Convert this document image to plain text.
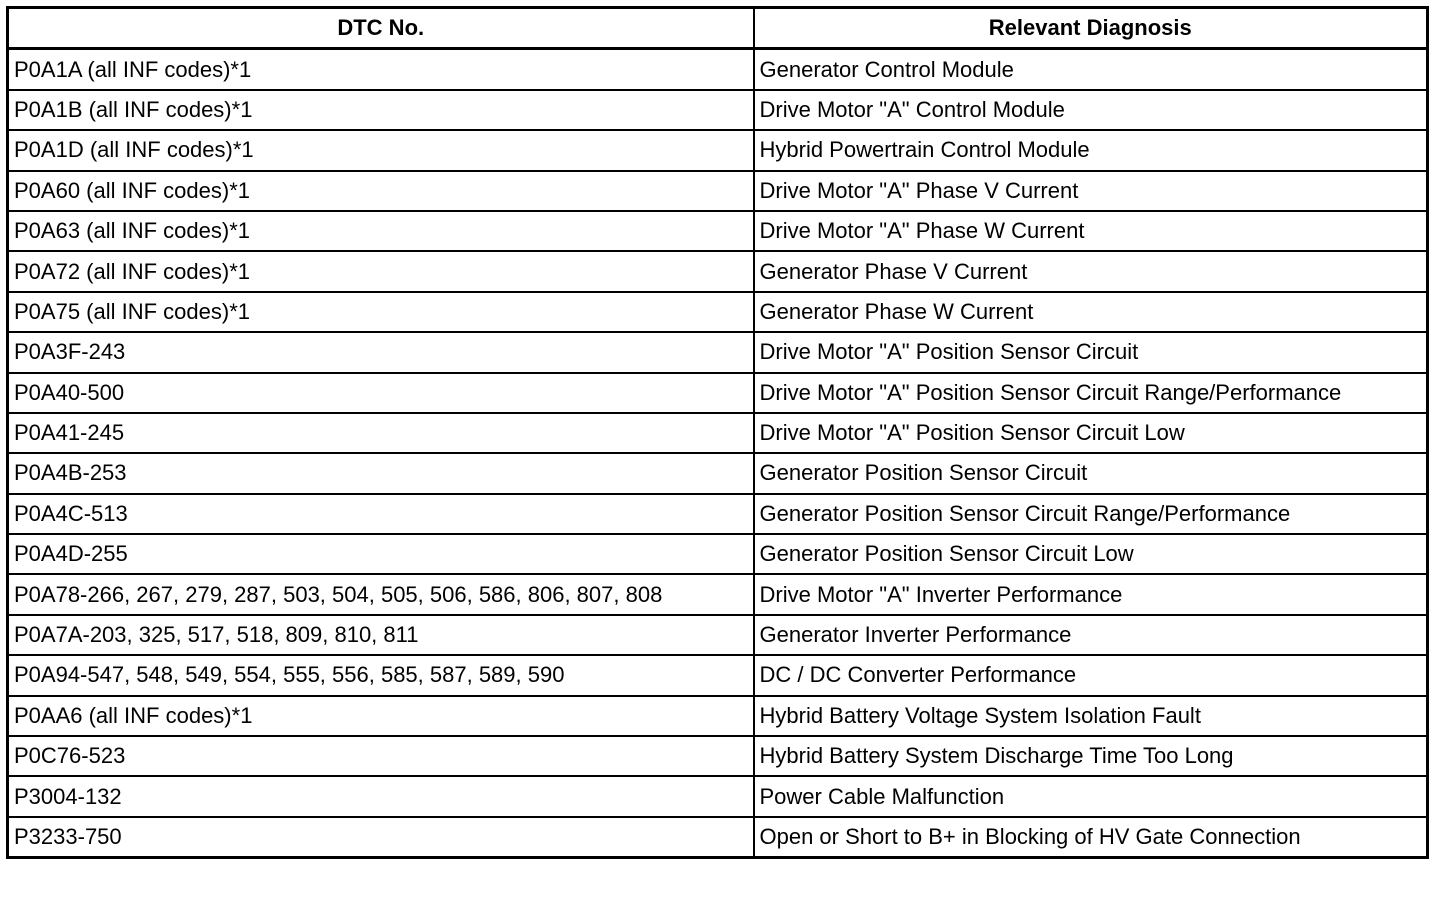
DTC No.	Relevant Diagnosis
P0A1A (all INF codes)*1	Generator Control Module
P0A1B (all INF codes)*1	Drive Motor "A" Control Module
P0A1D (all INF codes)*1	Hybrid Powertrain Control Module
P0A60 (all INF codes)*1	Drive Motor "A" Phase V Current
P0A63 (all INF codes)*1	Drive Motor "A" Phase W Current
P0A72 (all INF codes)*1	Generator Phase V Current
P0A75 (all INF codes)*1	Generator Phase W Current
P0A3F-243	Drive Motor "A" Position Sensor Circuit
P0A40-500	Drive Motor "A" Position Sensor Circuit Range/Performance
P0A41-245	Drive Motor "A" Position Sensor Circuit Low
P0A4B-253	Generator Position Sensor Circuit
P0A4C-513	Generator Position Sensor Circuit Range/Performance
P0A4D-255	Generator Position Sensor Circuit Low
P0A78-266, 267, 279, 287, 503, 504, 505, 506, 586, 806, 807, 808	Drive Motor "A" Inverter Performance
P0A7A-203, 325, 517, 518, 809, 810, 811	Generator Inverter Performance
P0A94-547, 548, 549, 554, 555, 556, 585, 587, 589, 590	DC / DC Converter Performance
P0AA6 (all INF codes)*1	Hybrid Battery Voltage System Isolation Fault
P0C76-523	Hybrid Battery System Discharge Time Too Long
P3004-132	Power Cable Malfunction
P3233-750	Open or Short to B+ in Blocking of HV Gate Connection
